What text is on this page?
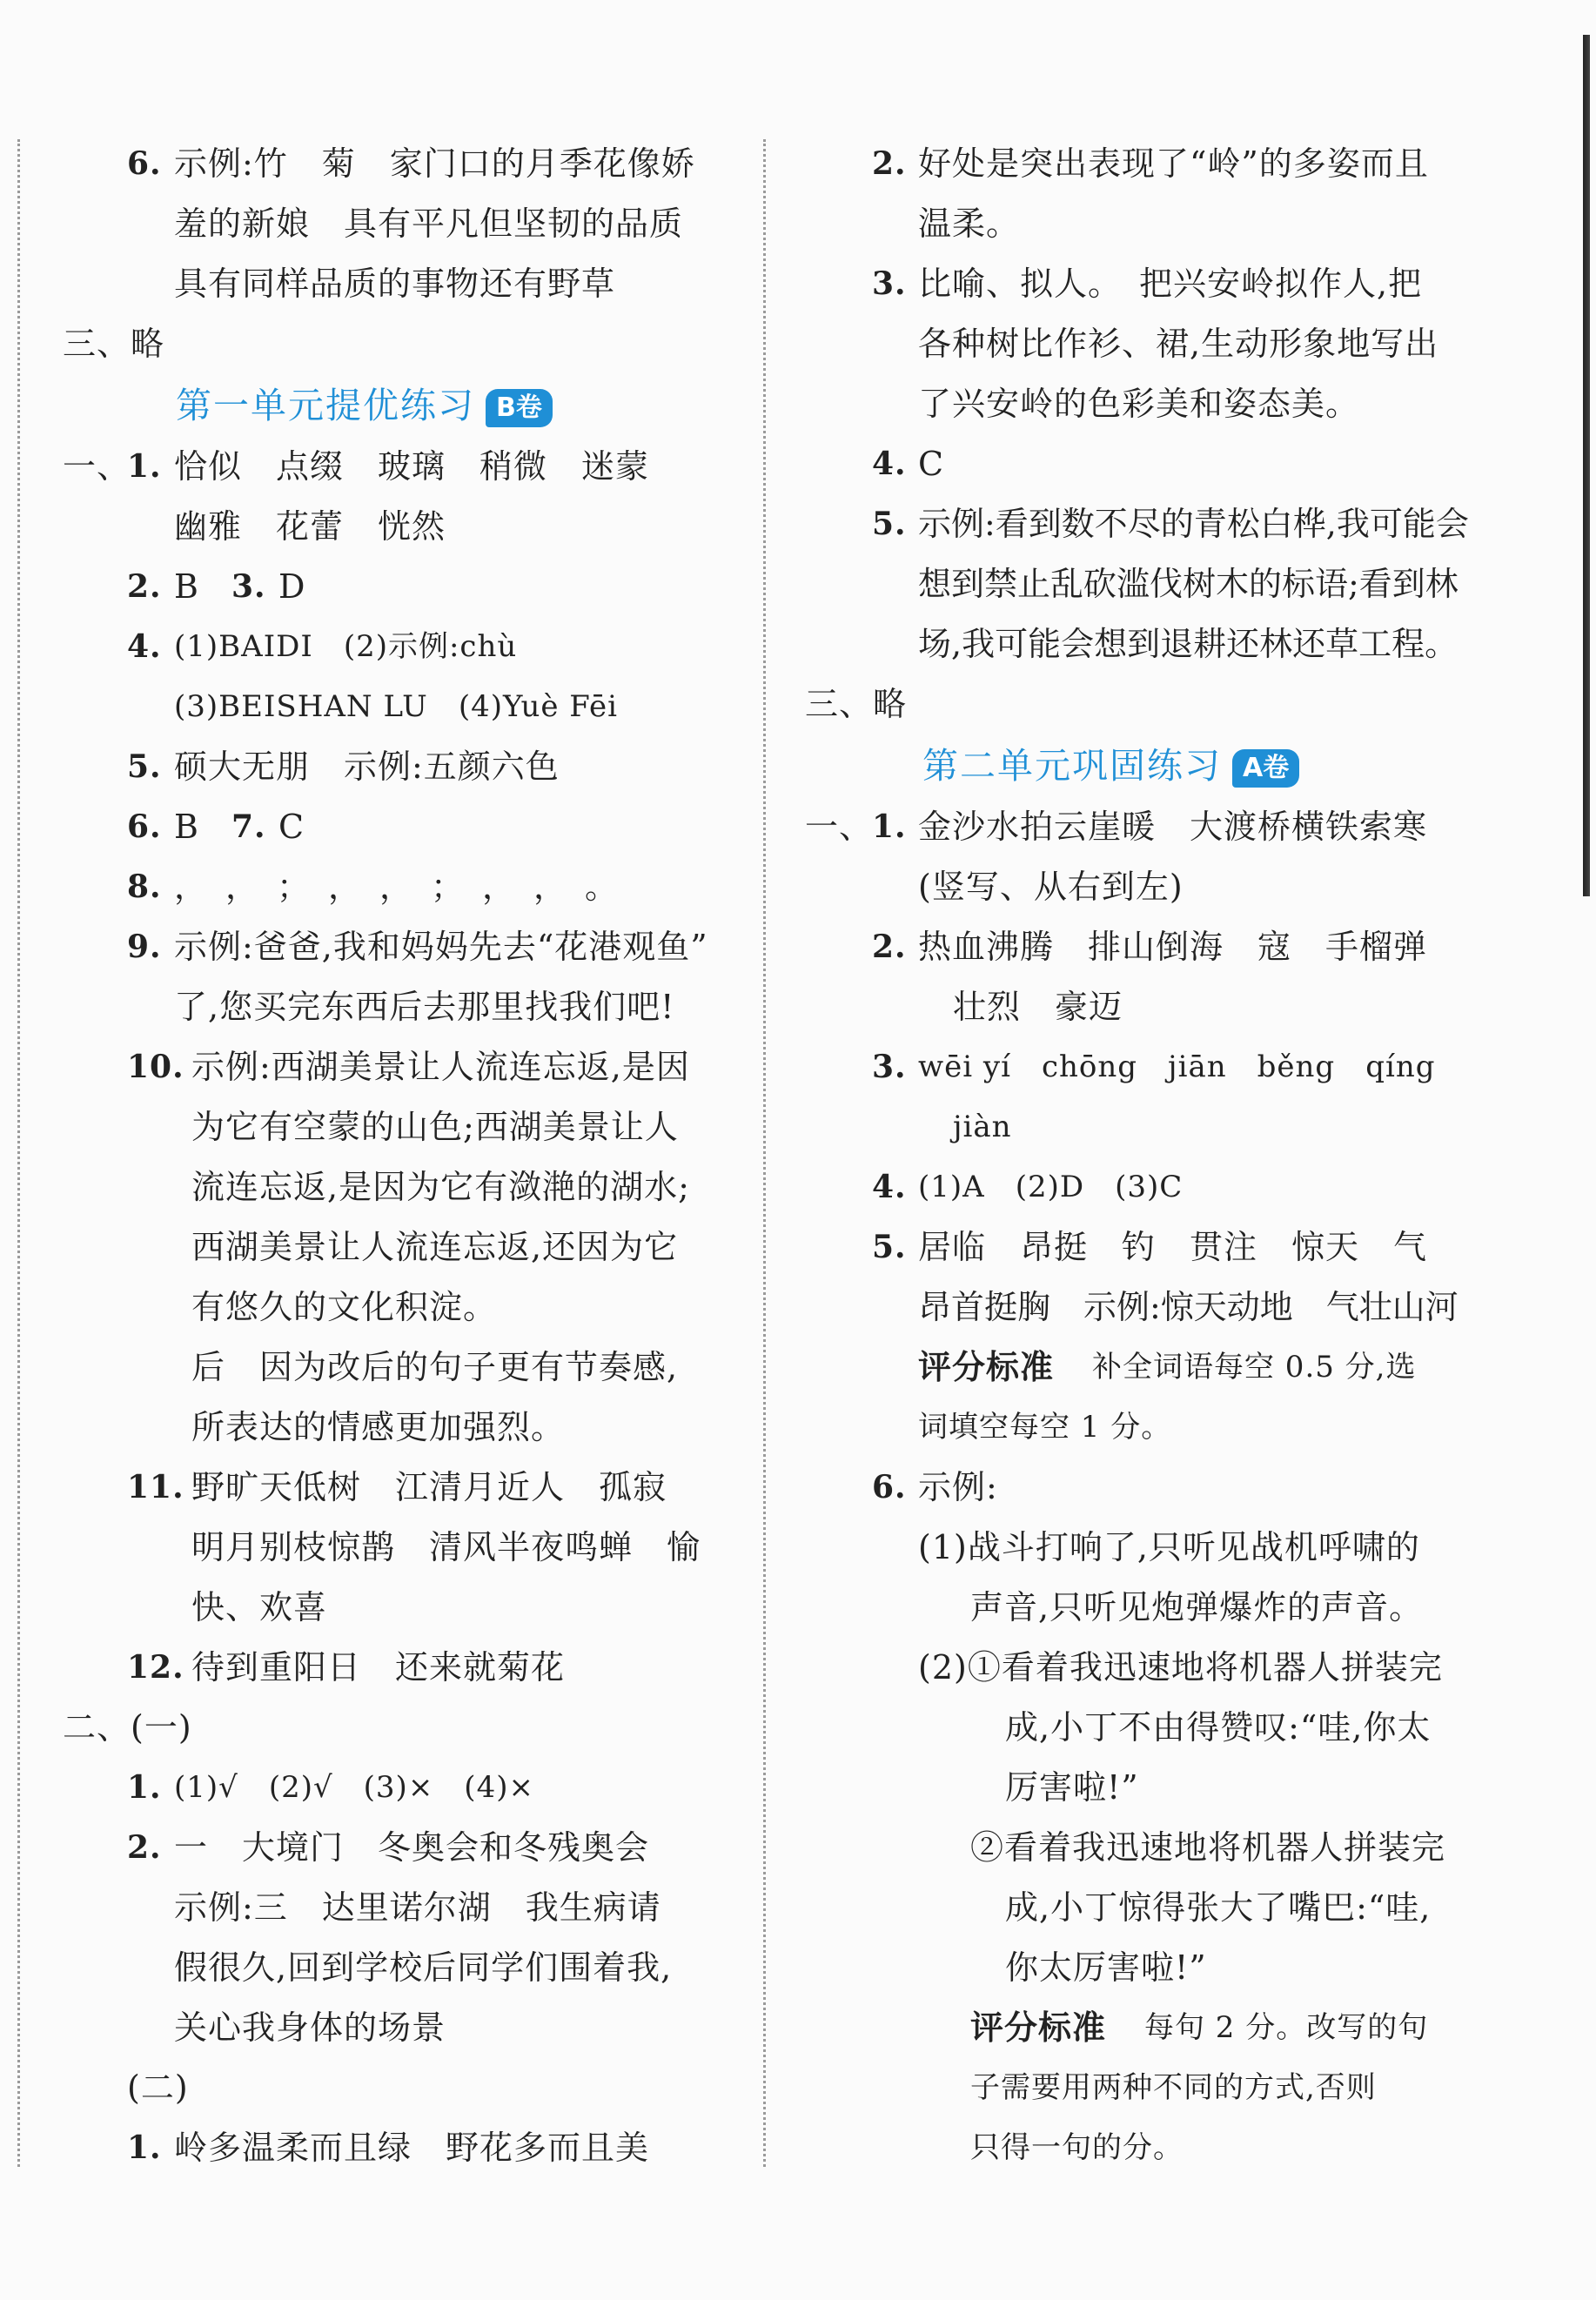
6. 示例:竹　菊　家门口的月季花像娇
羞的新娘　具有平凡但坚韧的品质
具有同样品质的事物还有野草
三、略
第一单元提优练习 B卷
一、
1. 恰似　点缀　玻璃　稍微　迷蒙
幽雅　花蕾　恍然
2. B 3. D
4. (1)BAIDI　(2)示例:chù
(3)BEISHAN LU　(4)Yuè Fēi
5. 硕大无朋　示例:五颜六色
6. B 7. C
8. ，　，　；　，　，　；　，　，　。
9. 示例:爸爸,我和妈妈先去“花港观鱼”
了,您买完东西后去那里找我们吧!
10. 示例:西湖美景让人流连忘返,是因
为它有空蒙的山色;西湖美景让人
流连忘返,是因为它有潋滟的湖水;
西湖美景让人流连忘返,还因为它
有悠久的文化积淀。
后　因为改后的句子更有节奏感,
所表达的情感更加强烈。
11. 野旷天低树　江清月近人　孤寂
明月别枝惊鹊　清风半夜鸣蝉　愉
快、欢喜
12. 待到重阳日　还来就菊花
二、(一)
1. (1)√　(2)√　(3)×　(4)×
2. 一　大境门　冬奥会和冬残奥会
示例:三　达里诺尔湖　我生病请
假很久,回到学校后同学们围着我,
关心我身体的场景
(二)
1. 岭多温柔而且绿　野花多而且美
2. 好处是突出表现了“岭”的多姿而且
温柔。
3. 比喻、拟人。　把兴安岭拟作人,把
各种树比作衫、裙,生动形象地写出
了兴安岭的色彩美和姿态美。
4. C
5. 示例:看到数不尽的青松白桦,我可能会
想到禁止乱砍滥伐树木的标语;看到林
场,我可能会想到退耕还林还草工程。
三、略
第二单元巩固练习 A卷
一、
1. 金沙水拍云崖暖　大渡桥横铁索寒
(竖写、从右到左)
2. 热血沸腾　排山倒海　寇　手榴弹
壮烈　豪迈
3. wēi yí　chōng　jiān　běng　qíng
jiàn
4. (1)A　(2)D　(3)C
5. 居临　昂挺　钓　贯注　惊天　气
昂首挺胸　示例:惊天动地　气壮山河
评分标准 补全词语每空 0.5 分,选
词填空每空 1 分。
6. 示例:
(1)战斗打响了,只听见战机呼啸的
声音,只听见炮弹爆炸的声音。
(2)①看着我迅速地将机器人拼装完
成,小丁不由得赞叹:“哇,你太
厉害啦!”
②看着我迅速地将机器人拼装完
成,小丁惊得张大了嘴巴:“哇,
你太厉害啦!”
评分标准 每句 2 分。改写的句
子需要用两种不同的方式,否则
只得一句的分。
